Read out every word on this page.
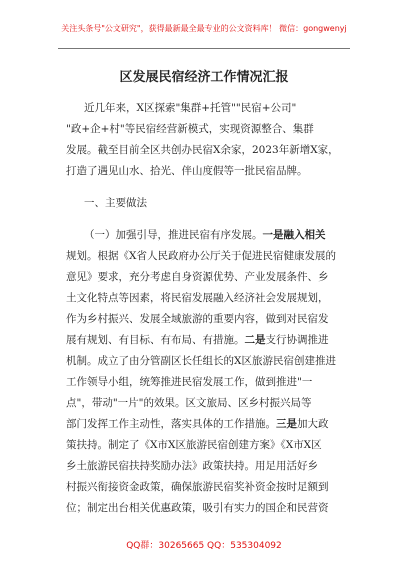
关注头条号"公文研究"，获得最新最全最专业的公文资料库！ 微信：gongwenyj
区发展民宿经济工作情况汇报
近几年来，X区探索"集群+托管""民宿+公司"
"政+企+村"等民宿经营新模式，实现资源整合、集群
发展。截至目前全区共创办民宿X余家，2023年新增X家，
打造了遇见山水、拾光、伴山度假等一批民宿品牌。
一、主要做法
（一）加强引导，推进民宿有序发展。一是融入相关
规划。根据《X省人民政府办公厅关于促进民宿健康发展的
意见》要求，充分考虑自身资源优势、产业发展条件、乡
土文化特点等因素，将民宿发展融入经济社会发展规划，
作为乡村振兴、发展全域旅游的重要内容，做到对民宿发
展有规划、有目标、有布局、有措施。二是支行协调推进
机制。成立了由分管副区长任组长的X区旅游民宿创建推进
工作领导小组，统筹推进民宿发展工作，做到推进"一
点"，带动"一片"的效果。区文旅局、区乡村振兴局等
部门发挥工作主动性，落实具体的工作措施。三是加大政
策扶持。制定了《X市X区旅游民宿创建方案》《X市X区
乡土旅游民宿扶持奖励办法》政策扶持。用足用活好乡
村振兴衔接资金政策，确保旅游民宿奖补资金按时足额到
位；制定出台相关优惠政策，吸引有实力的国企和民营资
QQ群：30265665 QQ：535304092
